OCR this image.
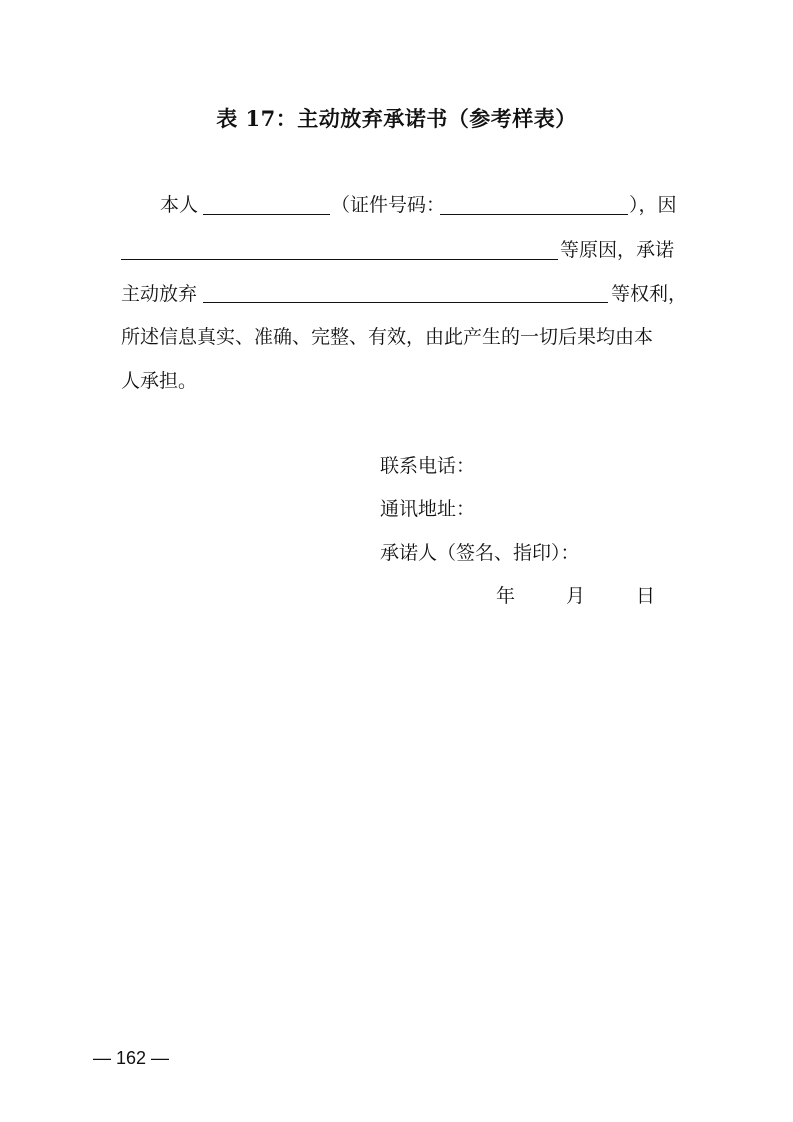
表 17：主动放弃承诺书（参考样表）
本人	（证件号码：	），因
等原因，承诺
主动放弃	等权利，
所述信息真实、准确、完整、有效，由此产生的一切后果均由本
人承担。
联系电话：
通讯地址：
承诺人（签名、指印）：
年	月	日
— 162 —
